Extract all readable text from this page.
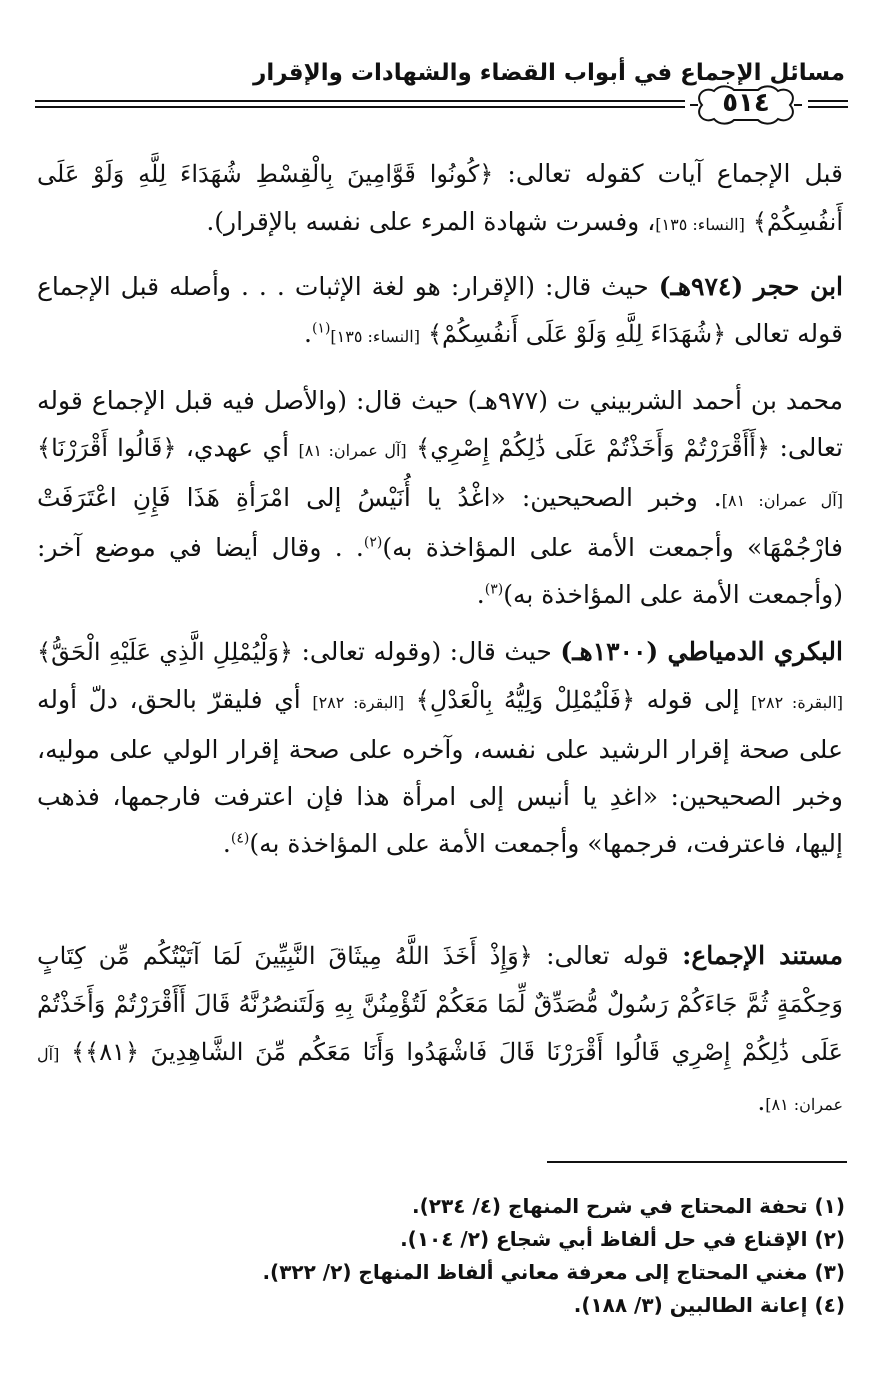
مسائل الإجماع في أبواب القضاء والشهادات والإقرار
٥١٤
قبل الإجماع آيات كقوله تعالى: ﴿كُونُوا قَوَّامِينَ بِالْقِسْطِ شُهَدَاءَ لِلَّهِ وَلَوْ عَلَى أَنفُسِكُمْ﴾ [النساء: ١٣٥]، وفسرت شهادة المرء على نفسه بالإقرار).
ابن حجر (٩٧٤هـ) حيث قال: (الإقرار: هو لغة الإثبات . . . وأصله قبل الإجماع قوله تعالى ﴿شُهَدَاءَ لِلَّهِ وَلَوْ عَلَى أَنفُسِكُمْ﴾ [النساء: ١٣٥]$^{(١)}$.
محمد بن أحمد الشربيني ت (٩٧٧هـ) حيث قال: (والأصل فيه قبل الإجماع قوله تعالى: ﴿أَأَقْرَرْتُمْ وَأَخَذْتُمْ عَلَى ذَٰلِكُمْ إِصْرِي﴾ [آل عمران: ٨١] أي عهدي، ﴿قَالُوا أَقْرَرْنَا﴾ [آل عمران: ٨١]. وخبر الصحيحين: «اغْدُ يا أُنَيْسُ إلى امْرَأةِ هَذَا فَإِنِ اعْتَرَفَتْ فارْجُمْهَا» وأجمعت الأمة على المؤاخذة به)$^{(٢)}$. . وقال أيضا في موضع آخر: (وأجمعت الأمة على المؤاخذة به)$^{(٣)}$.
البكري الدمياطي (١٣٠٠هـ) حيث قال: (وقوله تعالى: ﴿وَلْيُمْلِلِ الَّذِي عَلَيْهِ الْحَقُّ﴾ [البقرة: ٢٨٢] إلى قوله ﴿فَلْيُمْلِلْ وَلِيُّهُ بِالْعَدْلِ﴾ [البقرة: ٢٨٢] أي فليقرّ بالحق، دلّ أوله على صحة إقرار الرشيد على نفسه، وآخره على صحة إقرار الولي على موليه، وخبر الصحيحين: «اغدِ يا أنيس إلى امرأة هذا فإن اعترفت فارجمها، فذهب إليها، فاعترفت، فرجمها» وأجمعت الأمة على المؤاخذة به)$^{(٤)}$.
مستند الإجماع: قوله تعالى: ﴿وَإِذْ أَخَذَ اللَّهُ مِيثَاقَ النَّبِيِّينَ لَمَا آتَيْتُكُم مِّن كِتَابٍ وَحِكْمَةٍ ثُمَّ جَاءَكُمْ رَسُولٌ مُّصَدِّقٌ لِّمَا مَعَكُمْ لَتُؤْمِنُنَّ بِهِ وَلَتَنصُرُنَّهُ قَالَ أَأَقْرَرْتُمْ وَأَخَذْتُمْ عَلَى ذَٰلِكُمْ إِصْرِي قَالُوا أَقْرَرْنَا قَالَ فَاشْهَدُوا وَأَنَا مَعَكُم مِّنَ الشَّاهِدِينَ ﴿٨١﴾﴾ [آل عمران: ٨١].
(١) تحفة المحتاج في شرح المنهاج (٤/ ٢٣٤).
(٢) الإقناع في حل ألفاظ أبي شجاع (٢/ ١٠٤).
(٣) مغني المحتاج إلى معرفة معاني ألفاظ المنهاج (٢/ ٣٢٢).
(٤) إعانة الطالبين (٣/ ١٨٨).
